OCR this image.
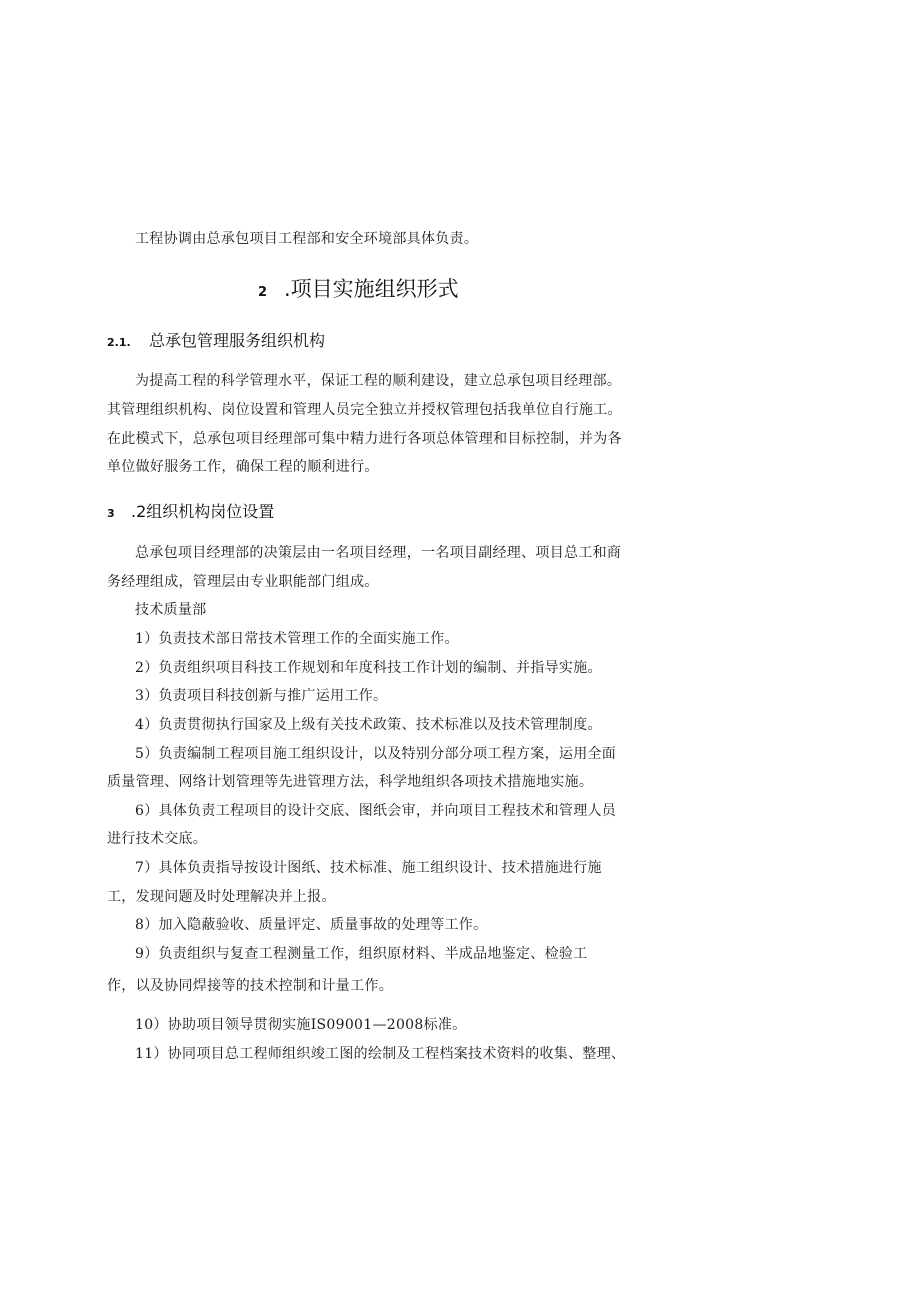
工程协调由总承包项目工程部和安全环境部具体负责。
2 .项目实施组织形式
2.1. 总承包管理服务组织机构
为提高工程的科学管理水平，保证工程的顺利建设，建立总承包项目经理部。
其管理组织机构、岗位设置和管理人员完全独立并授权管理包括我单位自行施工。
在此模式下，总承包项目经理部可集中精力进行各项总体管理和目标控制，并为各
单位做好服务工作，确保工程的顺利进行。
3 .2组织机构岗位设置
总承包项目经理部的决策层由一名项目经理，一名项目副经理、项目总工和商
务经理组成，管理层由专业职能部门组成。
技术质量部
1）负责技术部日常技术管理工作的全面实施工作。
2）负责组织项目科技工作规划和年度科技工作计划的编制、并指导实施。
3）负责项目科技创新与推广运用工作。
4）负责贯彻执行国家及上级有关技术政策、技术标准以及技术管理制度。
5）负责编制工程项目施工组织设计，以及特别分部分项工程方案，运用全面
质量管理、网络计划管理等先进管理方法，科学地组织各项技术措施地实施。
6）具体负责工程项目的设计交底、图纸会审，并向项目工程技术和管理人员
进行技术交底。
7）具体负责指导按设计图纸、技术标准、施工组织设计、技术措施进行施
工，发现问题及时处理解决并上报。
8）加入隐蔽验收、质量评定、质量事故的处理等工作。
9）负责组织与复查工程测量工作，组织原材料、半成品地鉴定、检验工
作，以及协同焊接等的技术控制和计量工作。
10）协助项目领导贯彻实施IS09001—2008标准。
11）协同项目总工程师组织竣工图的绘制及工程档案技术资料的收集、整理、
